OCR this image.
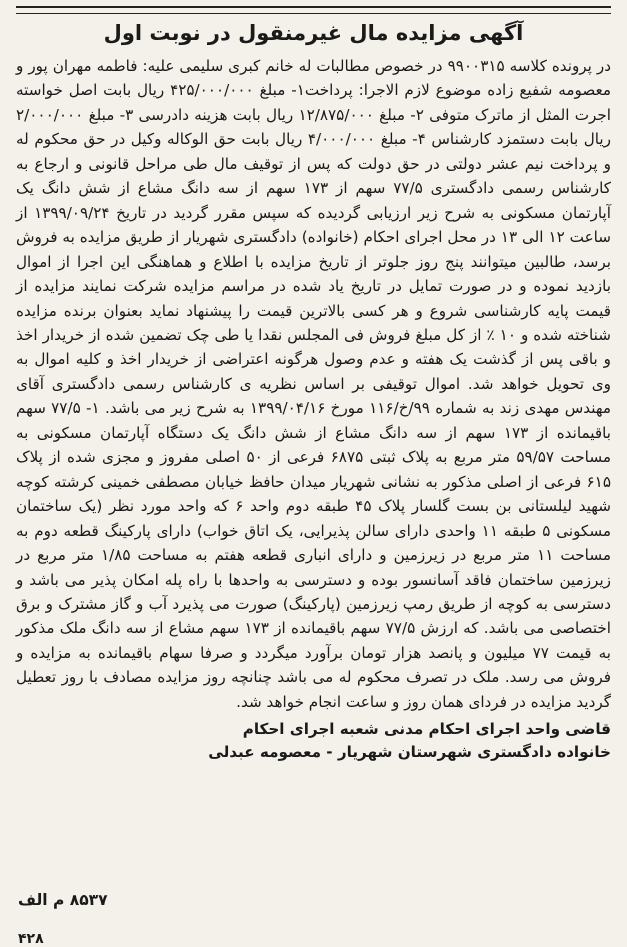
آگهی مزایده مال غیرمنقول در نوبت اول

در پرونده کلاسه ۹۹۰۰۳۱۵ در خصوص مطالبات له خانم کبری سلیمی علیه: فاطمه مهران پور و معصومه شفیع زاده موضوع لازم الاجرا: پرداخت۱- مبلغ ۴۲۵/۰۰۰/۰۰۰ ریال بابت اصل خواسته اجرت المثل از ماترک متوفی ۲- مبلغ ۱۲/۸۷۵/۰۰۰ ریال بابت هزینه دادرسی ۳- مبلغ ۲/۰۰۰/۰۰۰ ریال بابت دستمزد کارشناس ۴- مبلغ ۴/۰۰۰/۰۰۰ ریال بابت حق الوکاله وکیل در حق محکوم له و پرداخت نیم عشر دولتی در حق دولت که پس از توقیف مال طی مراحل قانونی و ارجاع به کارشناس رسمی دادگستری ۷۷/۵ سهم از ۱۷۳ سهم از سه دانگ مشاع از شش دانگ یک آپارتمان مسکونی به شرح زیر ارزیابی گردیده که سپس مقرر گردید در تاریخ ۱۳۹۹/۰۹/۲۴ از ساعت ۱۲ الی ۱۳ در محل اجرای احکام (خانواده) دادگستری شهریار از طریق مزایده به فروش برسد، طالبین میتوانند پنج روز جلوتر از تاریخ مزایده با اطلاع و هماهنگی این اجرا از اموال بازدید نموده و در صورت تمایل در تاریخ یاد شده در مراسم مزایده شرکت نمایند مزایده از قیمت پایه کارشناسی شروع و هر کسی بالاترین قیمت را پیشنهاد نماید بعنوان برنده مزایده شناخته شده و ۱۰ ٪ از کل مبلغ فروش فی المجلس نقدا یا طی چک تضمین شده از خریدار اخذ و باقی پس از گذشت یک هفته و عدم وصول هرگونه اعتراضی از خریدار اخذ و کلیه اموال به وی تحویل خواهد شد. اموال توقیفی بر اساس نظریه ی کارشناس رسمی دادگستری آقای مهندس مهدی زند به شماره ۹۹/خ/۱۱۶ مورخ ۱۳۹۹/۰۴/۱۶ به شرح زیر می باشد. ۱- ۷۷/۵ سهم باقیمانده از ۱۷۳ سهم از سه دانگ مشاع از شش دانگ یک دستگاه آپارتمان مسکونی به مساحت ۵۹/۵۷ متر مربع به پلاک ثبتی ۶۸۷۵ فرعی از ۵۰ اصلی مفروز و مجزی شده از پلاک ۶۱۵ فرعی از اصلی مذکور به نشانی شهریار میدان حافظ خیابان مصطفی خمینی کرشته کوچه شهید لیلستانی بن بست گلسار پلاک ۴۵ طبقه دوم واحد ۶ که واحد مورد نظر (یک ساختمان مسکونی ۵ طبقه ۱۱ واحدی دارای سالن پذیرایی، یک اتاق خواب) دارای پارکینگ قطعه دوم به مساحت ۱۱ متر مربع در زیرزمین و دارای انباری قطعه هفتم به مساحت ۱/۸۵ متر مربع در زیرزمین ساختمان فاقد آسانسور بوده و دسترسی به واحدها با راه پله امکان پذیر می باشد و دسترسی به کوچه از طریق رمپ زیرزمین (پارکینگ) صورت می پذیرد آب و گاز مشترک و برق اختصاصی می باشد. که ارزش ۷۷/۵ سهم باقیمانده از ۱۷۳ سهم مشاع از سه دانگ ملک مذکور به قیمت ۷۷ میلیون و پانصد هزار تومان برآورد میگردد و صرفا سهام باقیمانده به مزایده و فروش می رسد. ملک در تصرف محکوم له می باشد چنانچه روز مزایده مصادف با روز تعطیل گردید مزایده در فردای همان روز و ساعت انجام خواهد شد.

قاضی واحد اجرای احکام مدنی شعبه اجرای احکام
خانواده دادگستری شهرستان شهریار - معصومه عبدلی
۸۵۳۷ م الف
۴۲۸
